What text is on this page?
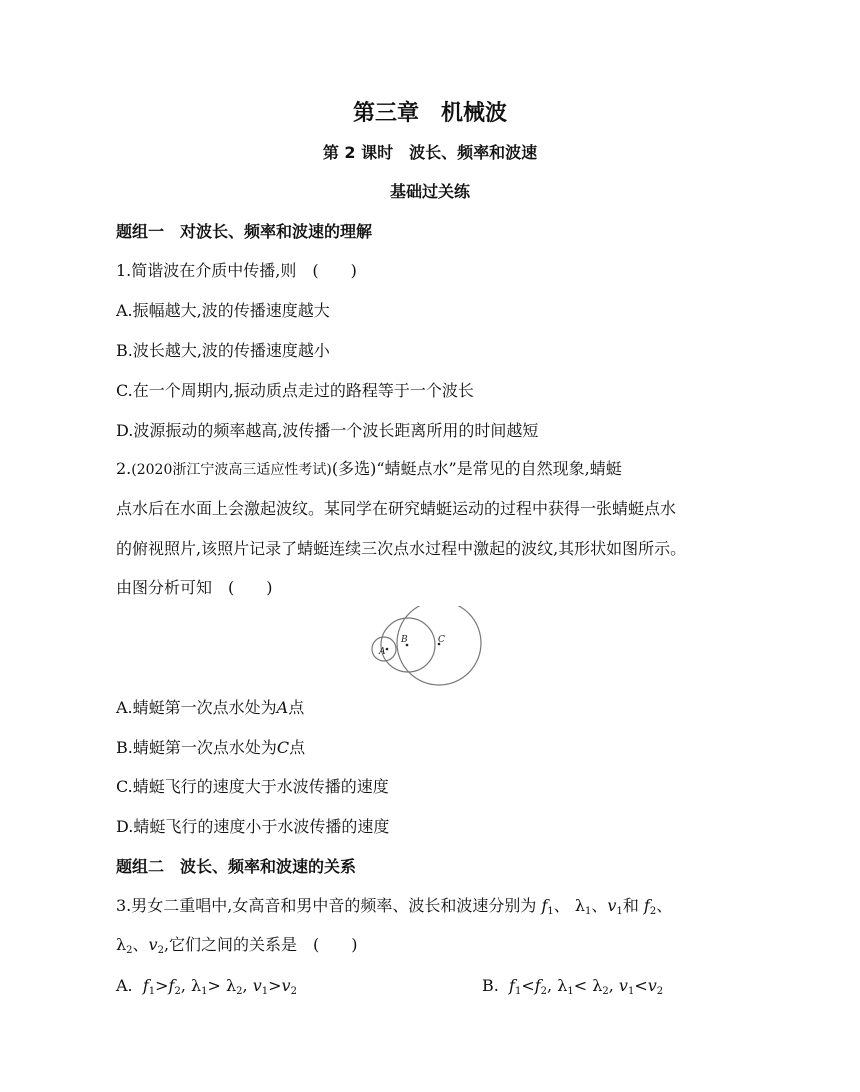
第三章　机械波
第 2 课时　波长、频率和波速
基础过关练
题组一　对波长、频率和波速的理解
1.简谐波在介质中传播,则　(　　)
A.振幅越大,波的传播速度越大
B.波长越大,波的传播速度越小
C.在一个周期内,振动质点走过的路程等于一个波长
D.波源振动的频率越高,波传播一个波长距离所用的时间越短
2.(2020浙江宁波高三适应性考试)(多选)“蜻蜓点水”是常见的自然现象,蜻蜓
点水后在水面上会激起波纹。某同学在研究蜻蜓运动的过程中获得一张蜻蜓点水
的俯视照片,该照片记录了蜻蜓连续三次点水过程中激起的波纹,其形状如图所示。
由图分析可知　(　　)
A
B	C
A.蜻蜓第一次点水处为A点
B.蜻蜓第一次点水处为C点
C.蜻蜓飞行的速度大于水波传播的速度
D.蜻蜓飞行的速度小于水波传播的速度
题组二　波长、频率和波速的关系
3.男女二重唱中,女高音和男中音的频率、波长和波速分别为 $f_1$、 $\lambda_1$、$v_1$和 $f_2$、
$\lambda_2$、$v_2$,它们之间的关系是　(　　)
A. $f_1>f_2$, $\lambda_1> \lambda_2$, $v_1>v_2$	B. $f_1<f_2$, $\lambda_1< \lambda_2$, $v_1<v_2$
